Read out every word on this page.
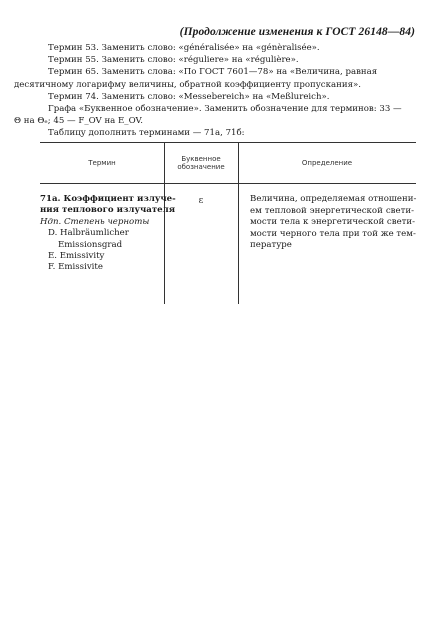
(Продолжение изменения к ГОСТ 26148—84)

Термин 53. Заменить слово: «généralisée» на «génèralisée».

Термин 55. Заменить слово: «réguliere» на «régulière».

Термин 65. Заменить слова: «По ГОСТ 7601—78» на «Величина, равная

десятичному логарифму величины, обратной коэффициенту пропускания».

Термин 74. Заменить слово: «Messebereich» на «Meßlureich».

Графа «Буквенное обозначение». Заменить обозначение для терминов: 33 —

Θ на Θₑ; 45 — F_OV на E_OV.

Таблицу дополнить терминами — 71а, 71б:

Термин	Буквенное обозначение	Определение
71а. Коэффициент излуче-
ния теплового излучателя
Ндп. Степень черноты
D. Halbräumlicher
Emissionsgrad
E. Emissivity
F. Emissivite
ε	Величина, определяемая отношени-
ем тепловой энергетической свети-
мости тела к энергетической свети-
мости черного тела при той же тем-
пературе
